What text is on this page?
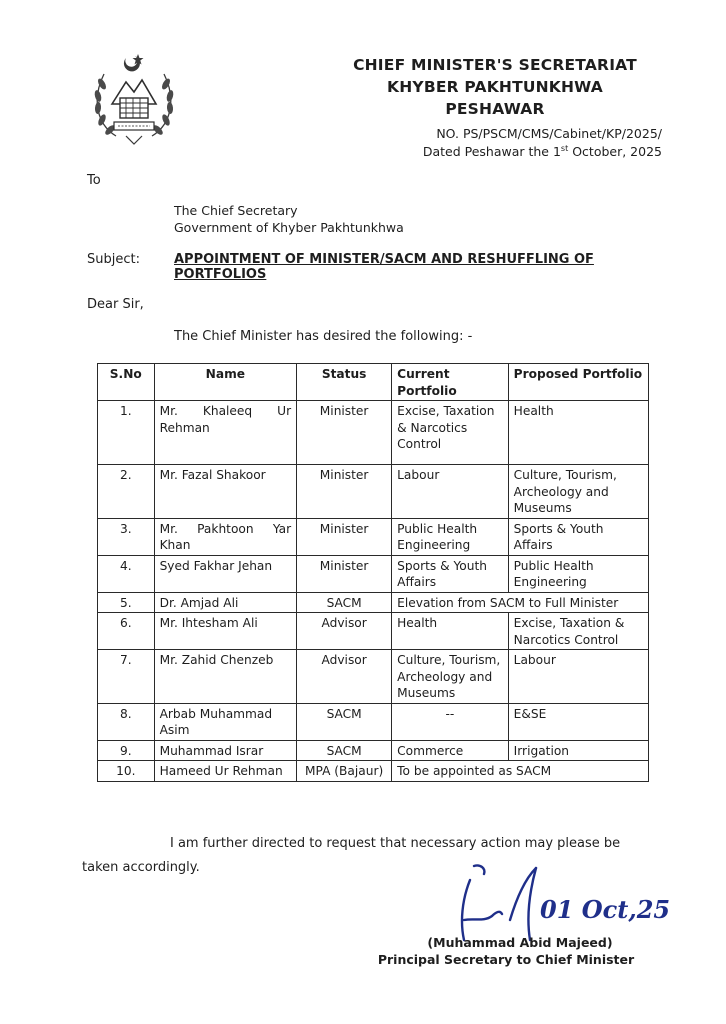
CHIEF MINISTER'S SECRETARIAT
KHYBER PAKHTUNKHWA
PESHAWAR
NO. PS/PSCM/CMS/Cabinet/KP/2025/
Dated Peshawar the 1st October, 2025
To
The Chief Secretary
Government of Khyber Pakhtunkhwa
Subject:	APPOINTMENT OF MINISTER/SACM AND RESHUFFLING OF PORTFOLIOS
Dear Sir,
The Chief Minister has desired the following: -
S.No	Name	Status	Current Portfolio	Proposed Portfolio
1.	Mr. Khaleeq Ur Rehman	Minister	Excise, Taxation & Narcotics Control	Health
2.	Mr. Fazal Shakoor	Minister	Labour	Culture, Tourism, Archeology and Museums
3.	Mr. Pakhtoon Yar Khan	Minister	Public Health Engineering	Sports & Youth Affairs
4.	Syed Fakhar Jehan	Minister	Sports & Youth Affairs	Public Health Engineering
5.	Dr. Amjad Ali	SACM	Elevation from SACM to Full Minister	
6.	Mr. Ihtesham Ali	Advisor	Health	Excise, Taxation & Narcotics Control
7.	Mr. Zahid Chenzeb	Advisor	Culture, Tourism, Archeology and Museums	Labour
8.	Arbab Muhammad Asim	SACM	--	E&SE
9.	Muhammad Israr	SACM	Commerce	Irrigation
10.	Hameed Ur Rehman	MPA (Bajaur)	To be appointed as SACM	
I am further directed to request that necessary action may please be
taken accordingly.
01 Oct,25
(Muhammad Abid Majeed)
Principal Secretary to Chief Minister
